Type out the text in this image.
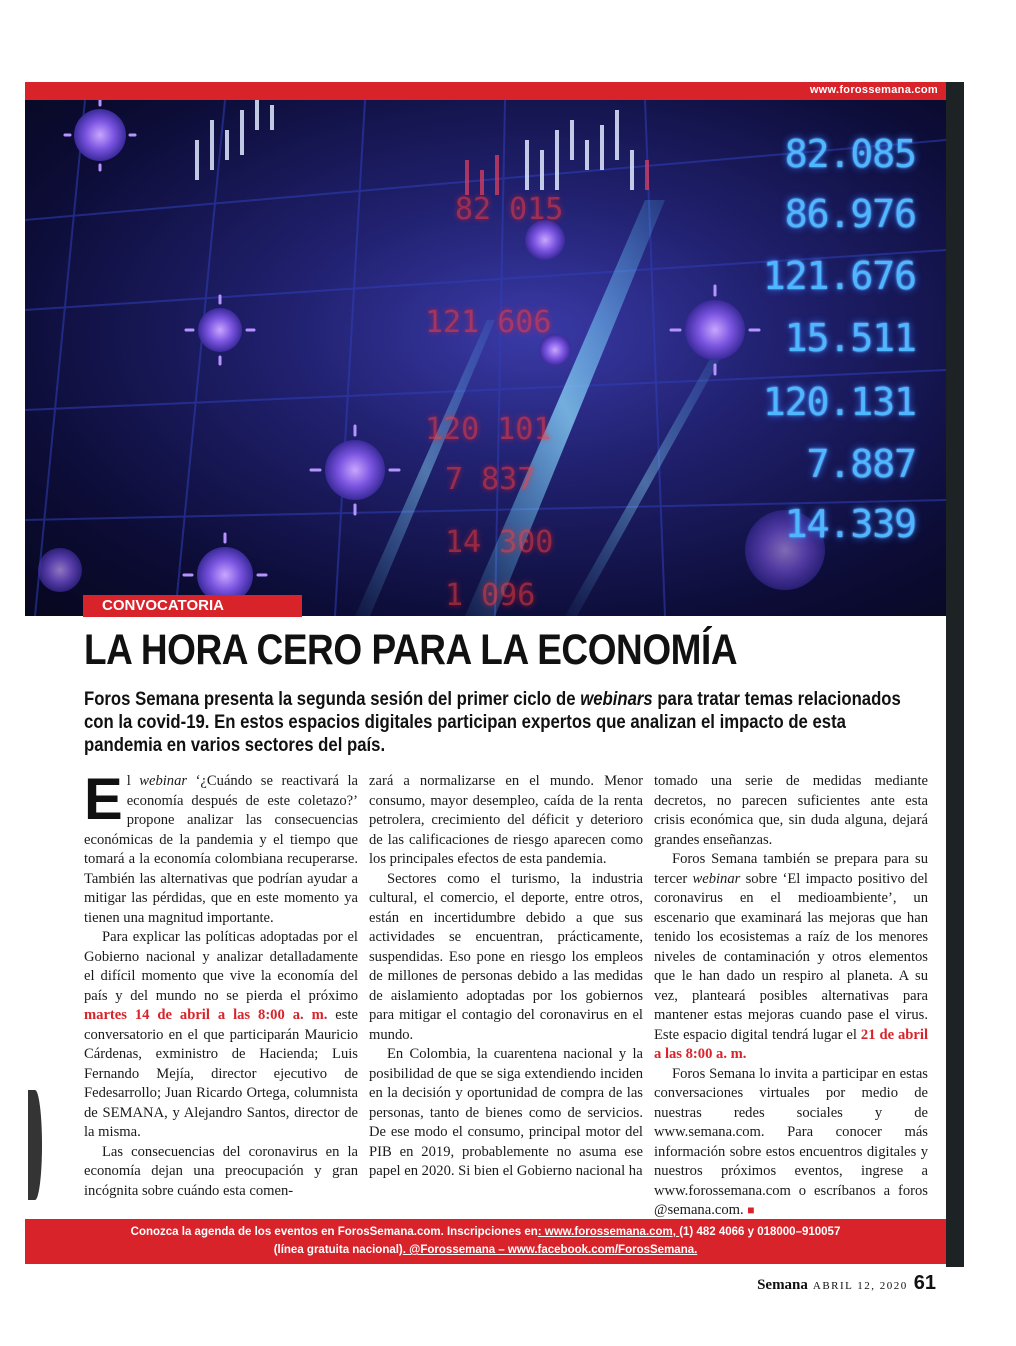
www.forossemana.com
82 015
121 606
120 101
7 837
14 300
1 096
82.085
86.976
121.676
15.511
120.131
7.887
14.339
CONVOCATORIA
LA HORA CERO PARA LA ECONOMÍA

Foros Semana presenta la segunda sesión del primer ciclo de webinars para tratar temas relacionados con la covid-19. En estos espacios digitales participan expertos que analizan el impacto de esta pandemia en varios sectores del país.

El webinar ‘¿Cuándo se reactivará la economía después de este coletazo?’ propone analizar las consecuencias económicas de la pandemia y el tiempo que tomará a la economía colombiana recuperarse. También las alternativas que podrían ayudar a mitigar las pérdidas, que en este momento ya tienen una magnitud importante.

Para explicar las políticas adoptadas por el Gobierno nacional y analizar detalladamente el difícil momento que vive la economía del país y del mundo no se pierda el próximo martes 14 de abril a las 8:00 a. m. este conversatorio en el que participarán Mauricio Cárdenas, exministro de Hacienda; Luis Fernando Mejía, director ejecutivo de Fedesarrollo; Juan Ricardo Ortega, columnista de SEMANA, y Alejandro Santos, director de la misma.

Las consecuencias del coronavirus en la economía dejan una preocupación y gran incógnita sobre cuándo esta comen-

zará a normalizarse en el mundo. Menor consumo, mayor desempleo, caída de la renta petrolera, crecimiento del déficit y deterioro de las calificaciones de riesgo aparecen como los principales efectos de esta pandemia.

Sectores como el turismo, la industria cultural, el comercio, el deporte, entre otros, están en incertidumbre debido a que sus actividades se encuentran, prácticamente, suspendidas. Eso pone en riesgo los empleos de millones de personas debido a las medidas de aislamiento adoptadas por los gobiernos para mitigar el contagio del coronavirus en el mundo.

En Colombia, la cuarentena nacional y la posibilidad de que se siga extendiendo inciden en la decisión y oportunidad de compra de las personas, tanto de bienes como de servicios. De ese modo el consumo, principal motor del PIB en 2019, probablemente no asuma ese papel en 2020. Si bien el Gobierno nacional ha

tomado una serie de medidas mediante decretos, no parecen suficientes ante esta crisis económica que, sin duda alguna, dejará grandes enseñanzas.

Foros Semana también se prepara para su tercer webinar sobre ‘El impacto positivo del coronavirus en el medioambiente’, un escenario que examinará las mejoras que han tenido los ecosistemas a raíz de los menores niveles de contaminación y otros elementos que le han dado un respiro al planeta. A su vez, planteará posibles alternativas para mantener estas mejoras cuando pase el virus. Este espacio digital tendrá lugar el 21 de abril a las 8:00 a. m.

Foros Semana lo invita a participar en estas conversaciones virtuales por medio de nuestras redes sociales y de www.semana.com. Para conocer más información sobre estos encuentros digitales y nuestros próximos eventos, ingrese a www.forossemana.com o escríbanos a foros @semana.com. ■

Conozca la agenda de los eventos en ForosSemana.com. Inscripciones en: www.forossemana.com, (1) 482 4066 y 018000–910057
(línea gratuita nacional). @Forossemana – www.facebook.com/ForosSemana.
Semana ABRIL 12, 2020 61
